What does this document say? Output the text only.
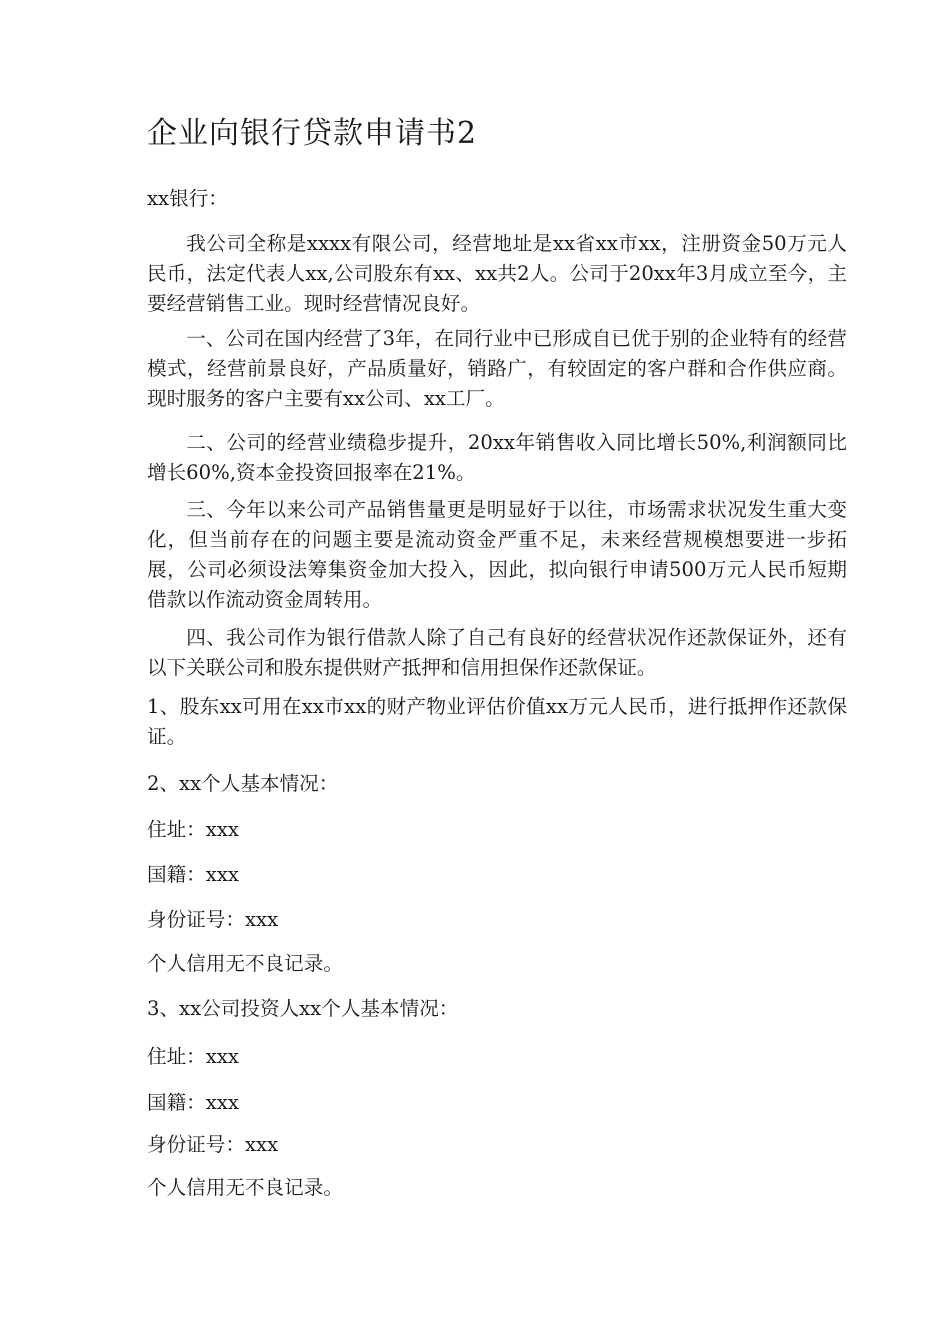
企业向银行贷款申请书2

xx银行：

我公司全称是xxxx有限公司，经营地址是xx省xx市xx，注册资金50万元人民币，法定代表人xx,公司股东有xx、xx共2人。公司于20xx年3月成立至今，主要经营销售工业。现时经营情况良好。

一、公司在国内经营了3年，在同行业中已形成自已优于别的企业特有的经营模式，经营前景良好，产品质量好，销路广，有较固定的客户群和合作供应商。现时服务的客户主要有xx公司、xx工厂。

二、公司的经营业绩稳步提升，20xx年销售收入同比增长50%,利润额同比增长60%,资本金投资回报率在21%。

三、今年以来公司产品销售量更是明显好于以往，市场需求状况发生重大变化，但当前存在的问题主要是流动资金严重不足，未来经营规模想要进一步拓展，公司必须设法筹集资金加大投入，因此，拟向银行申请500万元人民币短期借款以作流动资金周转用。

四、我公司作为银行借款人除了自己有良好的经营状况作还款保证外，还有以下关联公司和股东提供财产抵押和信用担保作还款保证。

1、股东xx可用在xx市xx的财产物业评估价值xx万元人民币，进行抵押作还款保证。

2、xx个人基本情况：

住址：xxx

国籍：xxx

身份证号：xxx

个人信用无不良记录。

3、xx公司投资人xx个人基本情况：

住址：xxx

国籍：xxx

身份证号：xxx

个人信用无不良记录。
